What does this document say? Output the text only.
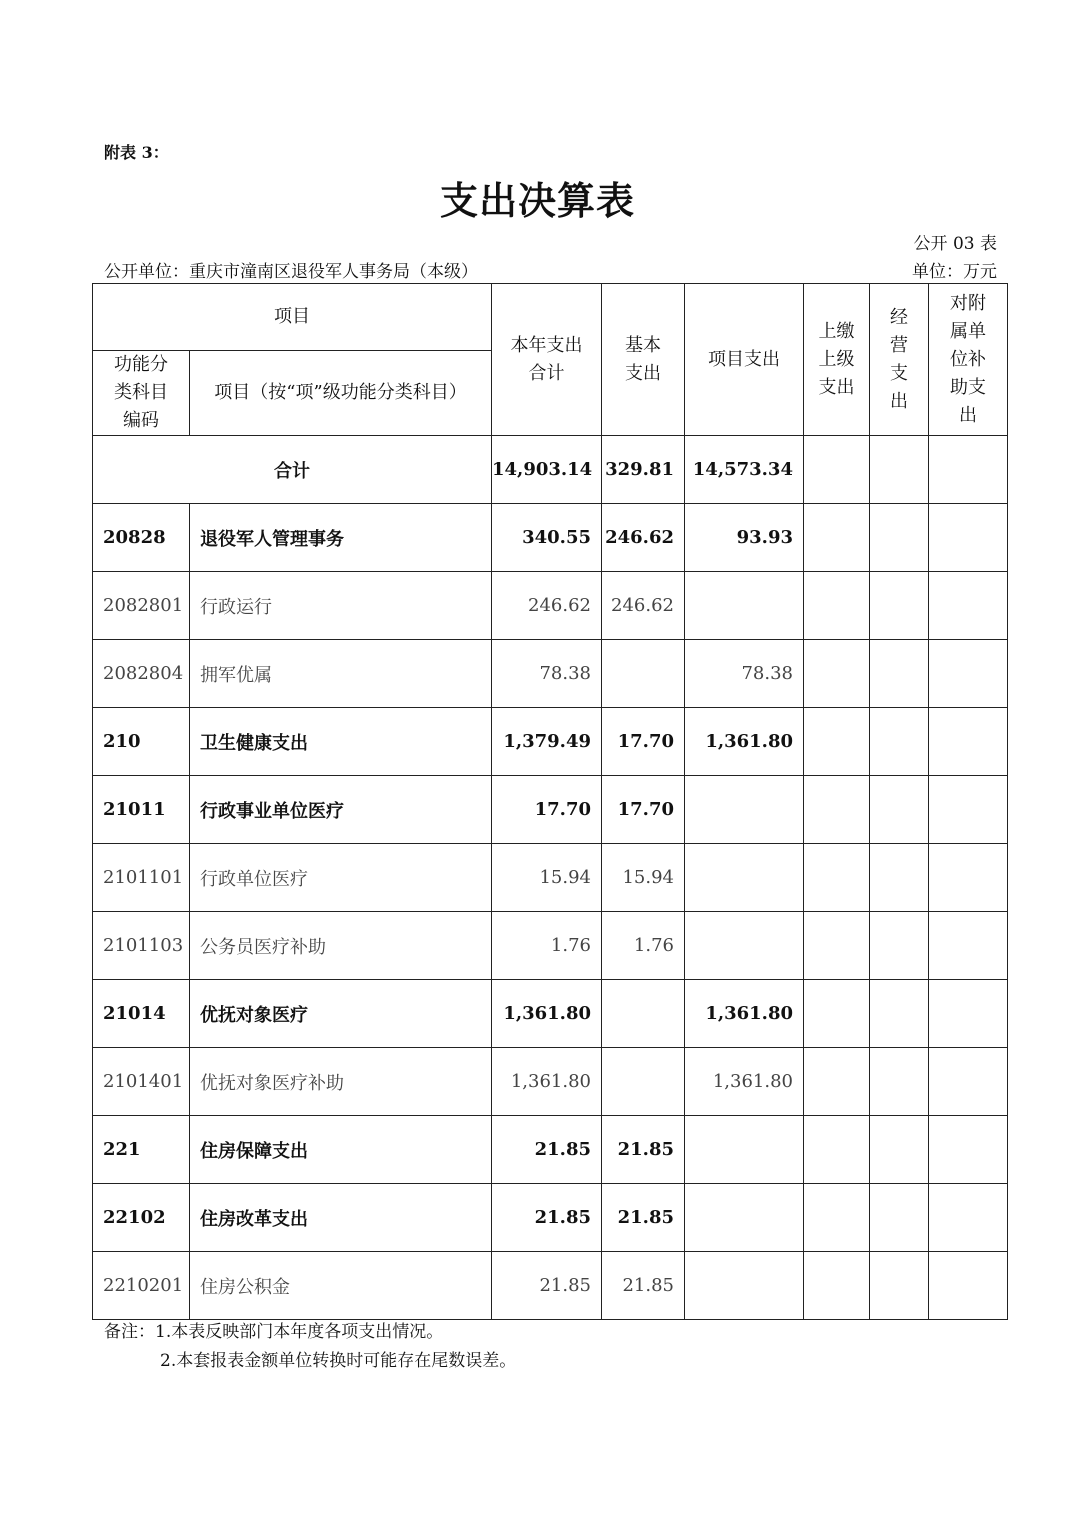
附表 3：
支出决算表
公开 03 表
公开单位：重庆市潼南区退役军人事务局（本级）	单位：万元
项目		本年支出合计	基本支出	项目支出	上缴上级支出	经营支出	对附属单位补助支出
功能分类科目编码	项目（按“项”级功能分类科目）						
合计		14,903.14	329.81	14,573.34			
20828	退役军人管理事务	340.55	246.62	93.93			
2082801	行政运行	246.62	246.62				
2082804	拥军优属	78.38		78.38			
210	卫生健康支出	1,379.49	17.70	1,361.80			
21011	行政事业单位医疗	17.70	17.70				
2101101	行政单位医疗	15.94	15.94				
2101103	公务员医疗补助	1.76	1.76				
21014	优抚对象医疗	1,361.80		1,361.80			
2101401	优抚对象医疗补助	1,361.80		1,361.80			
221	住房保障支出	21.85	21.85				
22102	住房改革支出	21.85	21.85				
2210201	住房公积金	21.85	21.85				
备注：1.本表反映部门本年度各项支出情况。
2.本套报表金额单位转换时可能存在尾数误差。
